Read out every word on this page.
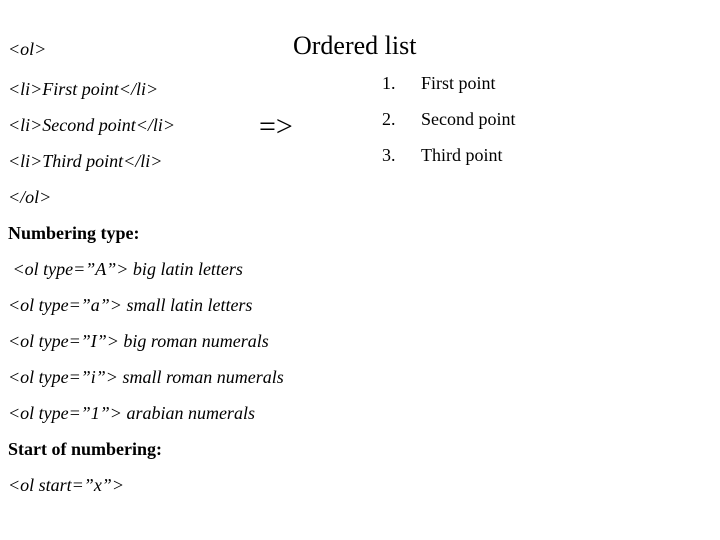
Ordered list
<ol>
<li>First point</li>
<li>Second point</li>
<li>Third point</li>
</ol>
=>
1. First point
2. Second point
3. Third point
Numbering type:
<ol type=”A”> big latin letters
<ol type=”a”> small latin letters
<ol type=”I”> big roman numerals
<ol type=”i”> small roman numerals
<ol type=”1”> arabian numerals
Start of numbering:
<ol start=”x”>
